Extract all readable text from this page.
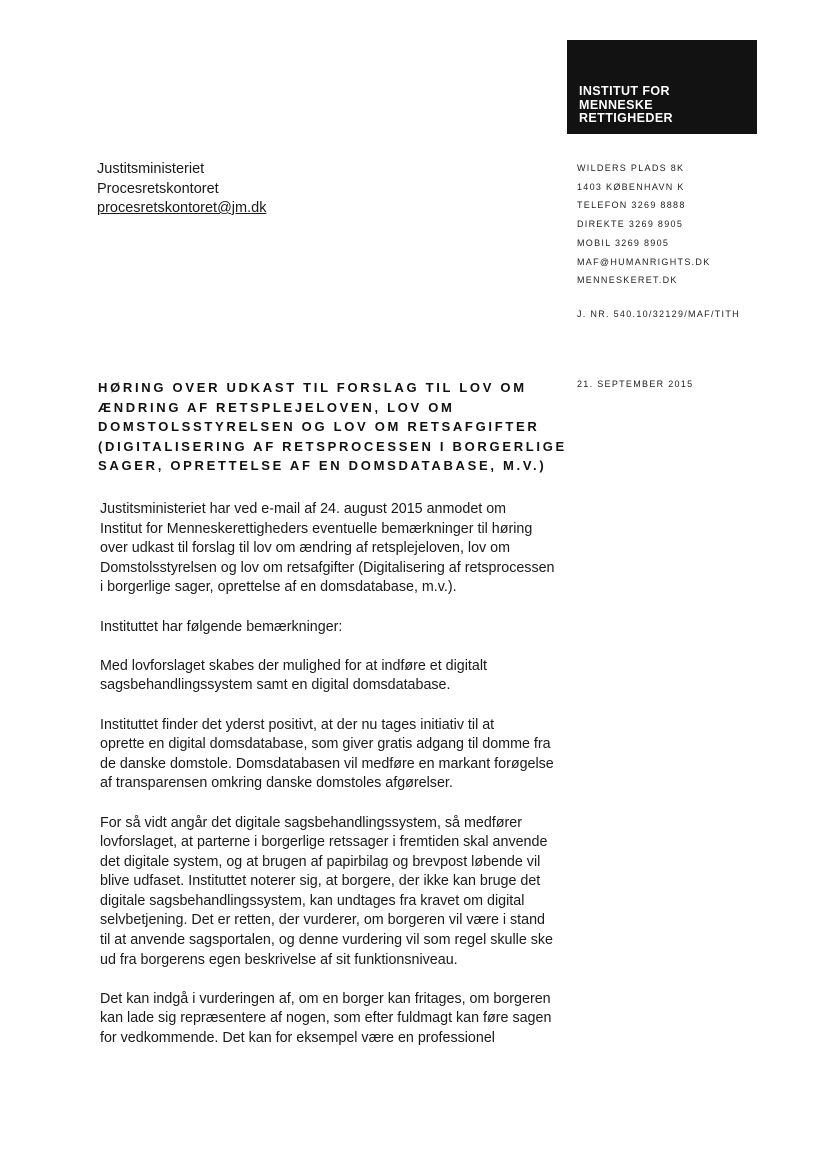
INSTITUT FOR
MENNESKE
RETTIGHEDER
Justitsministeriet
Procesretskontoret
procesretskontoret@jm.dk
WILDERS PLADS 8K
1403 KØBENHAVN K
TELEFON 3269 8888
DIREKTE 3269 8905
MOBIL 3269 8905
MAF@HUMANRIGHTS.DK
MENNESKERET.DK
J. NR. 540.10/32129/MAF/TITH
21. SEPTEMBER 2015
HØRING OVER UDKAST TIL FORSLAG TIL LOV OM
ÆNDRING AF RETSPLEJELOVEN, LOV OM
DOMSTOLSSTYRELSEN OG LOV OM RETSAFGIFTER
(DIGITALISERING AF RETSPROCESSEN I BORGERLIGE
SAGER, OPRETTELSE AF EN DOMSDATABASE, M.V.)

Justitsministeriet har ved e-mail af 24. august 2015 anmodet om
Institut for Menneskerettigheders eventuelle bemærkninger til høring
over udkast til forslag til lov om ændring af retsplejeloven, lov om
Domstolsstyrelsen og lov om retsafgifter (Digitalisering af retsprocessen
i borgerlige sager, oprettelse af en domsdatabase, m.v.).

Instituttet har følgende bemærkninger:

Med lovforslaget skabes der mulighed for at indføre et digitalt
sagsbehandlingssystem samt en digital domsdatabase.

Instituttet finder det yderst positivt, at der nu tages initiativ til at
oprette en digital domsdatabase, som giver gratis adgang til domme fra
de danske domstole. Domsdatabasen vil medføre en markant forøgelse
af transparensen omkring danske domstoles afgørelser.

For så vidt angår det digitale sagsbehandlingssystem, så medfører
lovforslaget, at parterne i borgerlige retssager i fremtiden skal anvende
det digitale system, og at brugen af papirbilag og brevpost løbende vil
blive udfaset. Instituttet noterer sig, at borgere, der ikke kan bruge det
digitale sagsbehandlingssystem, kan undtages fra kravet om digital
selvbetjening. Det er retten, der vurderer, om borgeren vil være i stand
til at anvende sagsportalen, og denne vurdering vil som regel skulle ske
ud fra borgerens egen beskrivelse af sit funktionsniveau.

Det kan indgå i vurderingen af, om en borger kan fritages, om borgeren
kan lade sig repræsentere af nogen, som efter fuldmagt kan føre sagen
for vedkommende. Det kan for eksempel være en professionel
